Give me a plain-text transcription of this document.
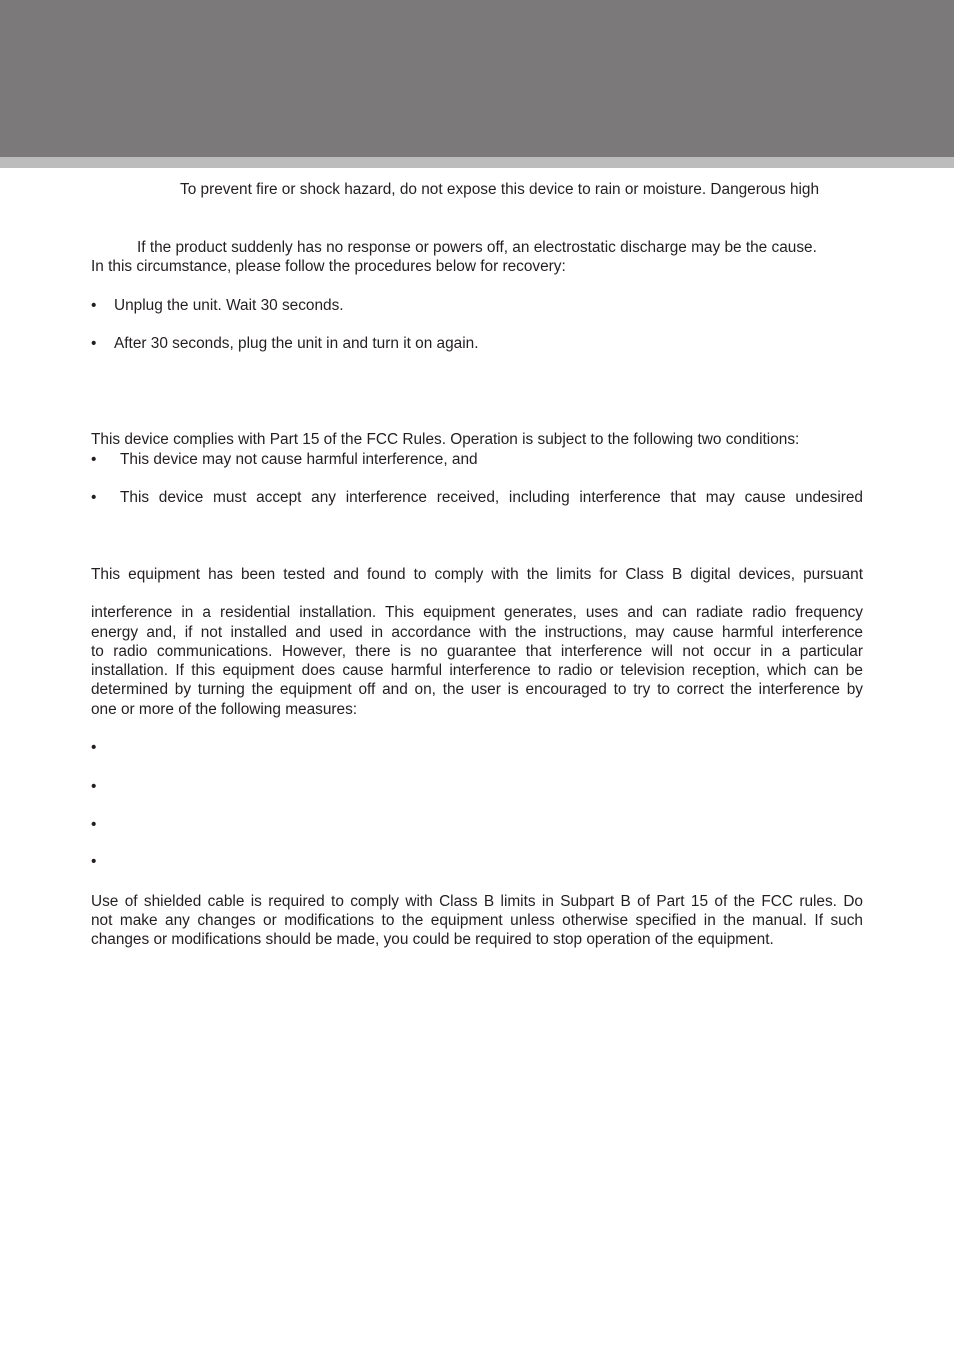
To prevent fire or shock hazard, do not expose this device to rain or moisture. Dangerous high
If the product suddenly has no response or powers off, an electrostatic discharge may be the cause.
In this circumstance, please follow the procedures below for recovery:
• Unplug the unit. Wait 30 seconds.
• After 30 seconds, plug the unit in and turn it on again.
This device complies with Part 15 of the FCC Rules. Operation is subject to the following two conditions:
• This device may not cause harmful interference, and
• This device must accept any interference received, including interference that may cause undesired
This equipment has been tested and found to comply with the limits for Class B digital devices, pursuant
interference in a residential installation. This equipment generates, uses and can radiate radio frequency
energy and, if not installed and used in accordance with the instructions, may cause harmful interference
to radio communications. However, there is no guarantee that interference will not occur in a particular
installation. If this equipment does cause harmful interference to radio or television reception, which can be
determined by turning the equipment off and on, the user is encouraged to try to correct the interference by
one or more of the following measures:
•
•
•
•
Use of shielded cable is required to comply with Class B limits in Subpart B of Part 15 of the FCC rules. Do
not make any changes or modifications to the equipment unless otherwise specified in the manual. If such
changes or modifications should be made, you could be required to stop operation of the equipment.
